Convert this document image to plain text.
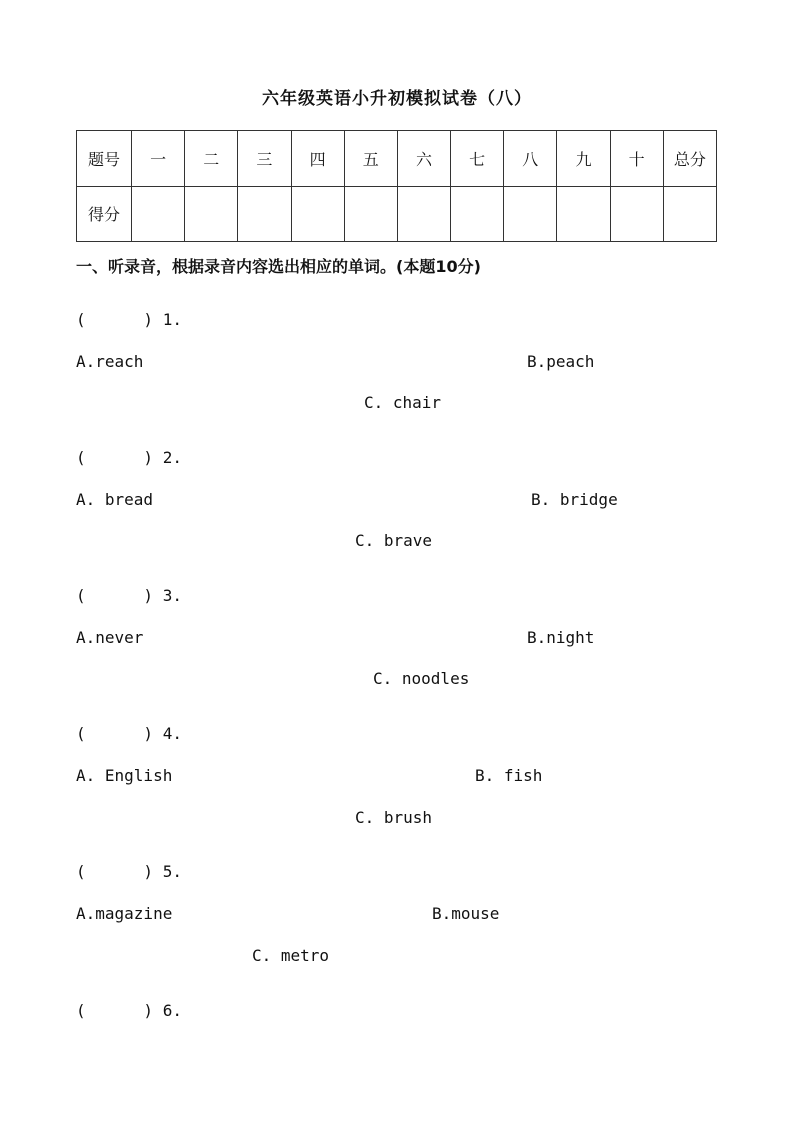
六年级英语小升初模拟试卷（八）
题号	一	二	三	四	五	六	七	八	九	十	总分
得分											
一、听录音，根据录音内容选出相应的单词。(本题10分)
(      ) 1.
A.reach	B.peach
C. chair
(      ) 2.
A. bread	B. bridge
C. brave
(      ) 3.
A.never	B.night
C. noodles
(      ) 4.
A. English	B. fish
C. brush
(      ) 5.
A.magazine	B.mouse
C. metro
(      ) 6.
